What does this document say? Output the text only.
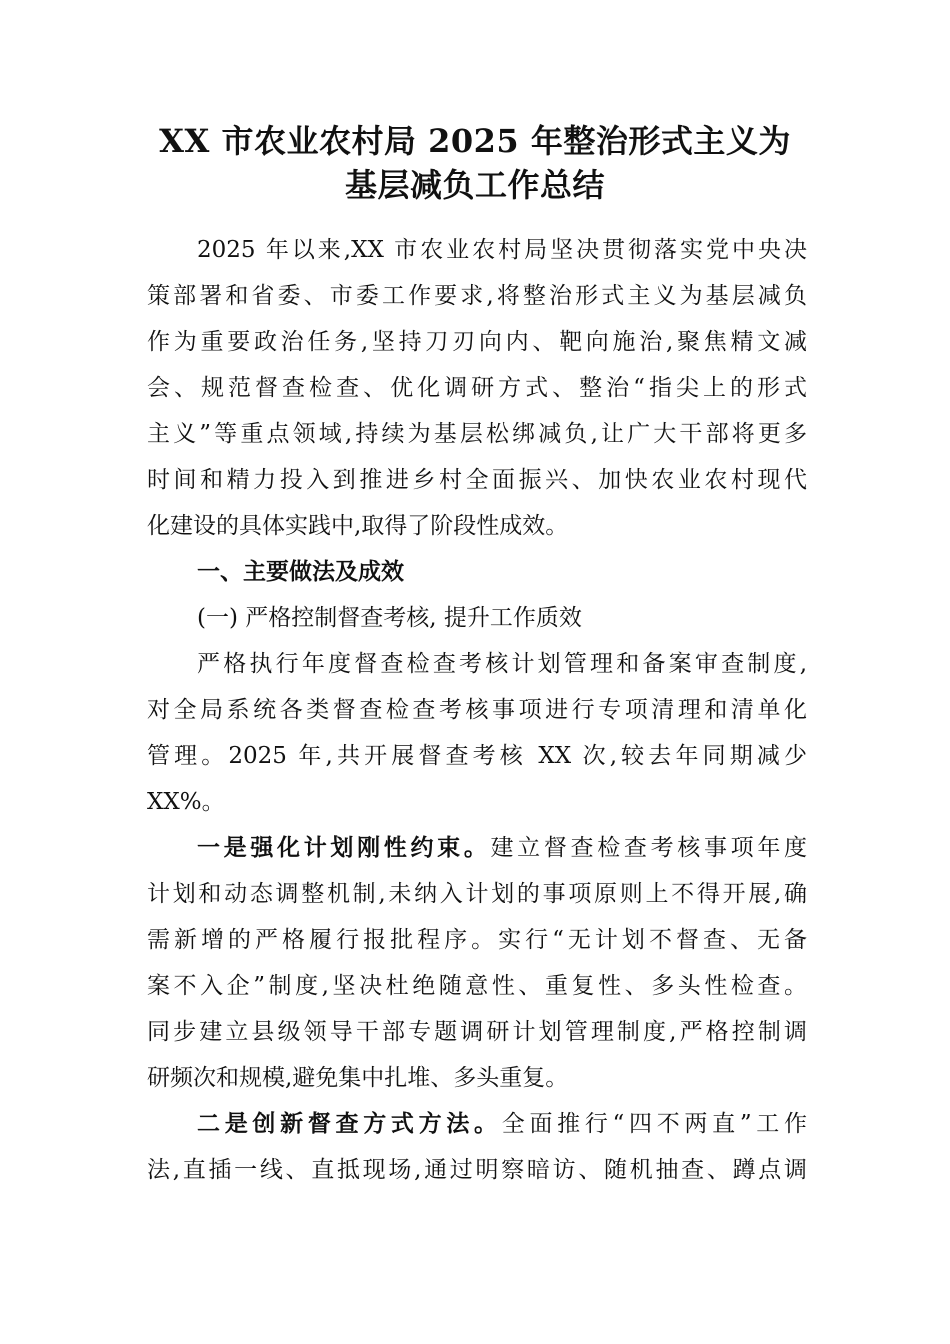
XX 市农业农村局 2025 年整治形式主义为
基层减负工作总结
2025 年以来,XX 市农业农村局坚决贯彻落实党中央决
策部署和省委、市委工作要求,将整治形式主义为基层减负
作为重要政治任务,坚持刀刃向内、靶向施治,聚焦精文减
会、规范督查检查、优化调研方式、整治“指尖上的形式
主义”等重点领域,持续为基层松绑减负,让广大干部将更多
时间和精力投入到推进乡村全面振兴、加快农业农村现代
化建设的具体实践中,取得了阶段性成效。
一、主要做法及成效
(一) 严格控制督查考核, 提升工作质效
严格执行年度督查检查考核计划管理和备案审查制度,
对全局系统各类督查检查考核事项进行专项清理和清单化
管理。2025 年,共开展督查考核 XX 次,较去年同期减少
XX%。
一是强化计划刚性约束。建立督查检查考核事项年度
计划和动态调整机制,未纳入计划的事项原则上不得开展,确
需新增的严格履行报批程序。实行“无计划不督查、无备
案不入企”制度,坚决杜绝随意性、重复性、多头性检查。
同步建立县级领导干部专题调研计划管理制度,严格控制调
研频次和规模,避免集中扎堆、多头重复。
二是创新督查方式方法。全面推行“四不两直”工作
法,直插一线、直抵现场,通过明察暗访、随机抽查、蹲点调
